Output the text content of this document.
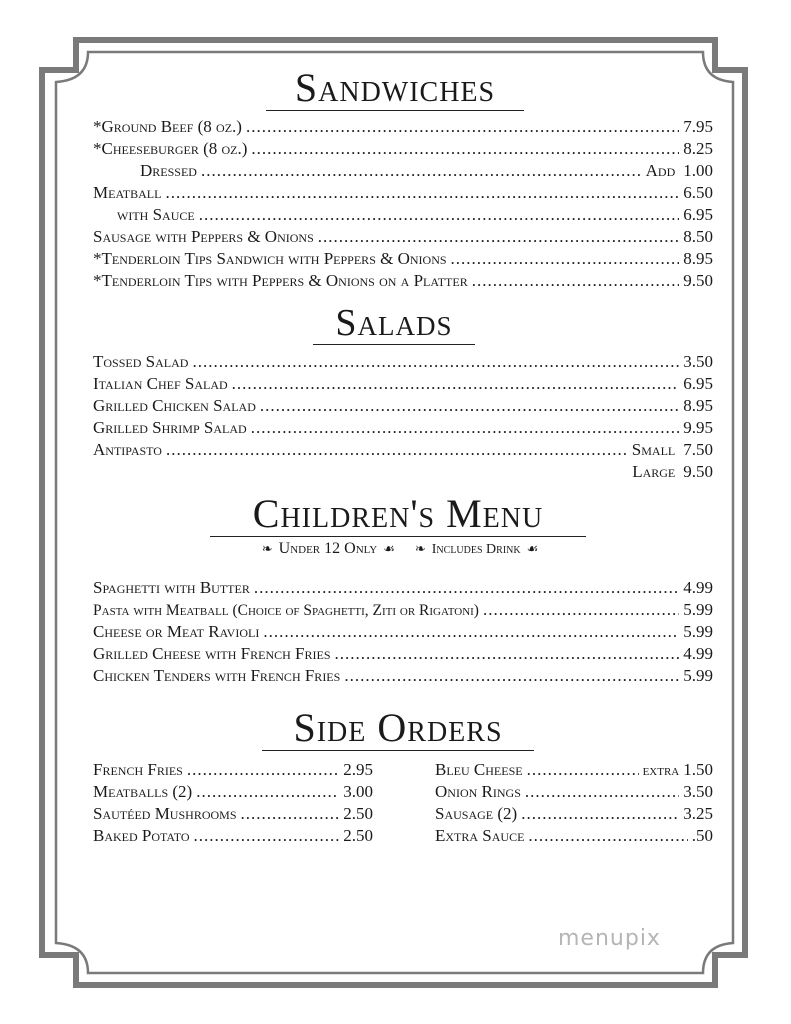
Sandwiches
*Ground Beef (8 oz.) .....	7.95
*Cheeseburger (8 oz.) .....	8.25
Dressed .....	Add 1.00
Meatball .....	6.50
with Sauce .....	6.95
Sausage with Peppers & Onions .....	8.50
*Tenderloin Tips Sandwich with Peppers & Onions .....	8.95
*Tenderloin Tips with Peppers & Onions on a Platter .....	9.50
Salads
Tossed Salad .....	3.50
Italian Chef Salad .....	6.95
Grilled Chicken Salad .....	8.95
Grilled Shrimp Salad .....	9.95
Antipasto .....	Small 7.50
Large 9.50
Children's Menu
❧ Under 12 Only ☙ ❧ Includes Drink ☙
Spaghetti with Butter .....	4.99
Pasta with Meatball (Choice of Spaghetti, Ziti or Rigatoni) .....	5.99
Cheese or Meat Ravioli .....	5.99
Grilled Cheese with French Fries .....	4.99
Chicken Tenders with French Fries .....	5.99
Side Orders
French Fries .....	2.95
Meatballs (2) .....	3.00
Sautéed Mushrooms .....	2.50
Baked Potato .....	2.50
Bleu Cheese .....	extra 1.50
Onion Rings .....	3.50
Sausage (2) .....	3.25
Extra Sauce .....	.50
menupix
